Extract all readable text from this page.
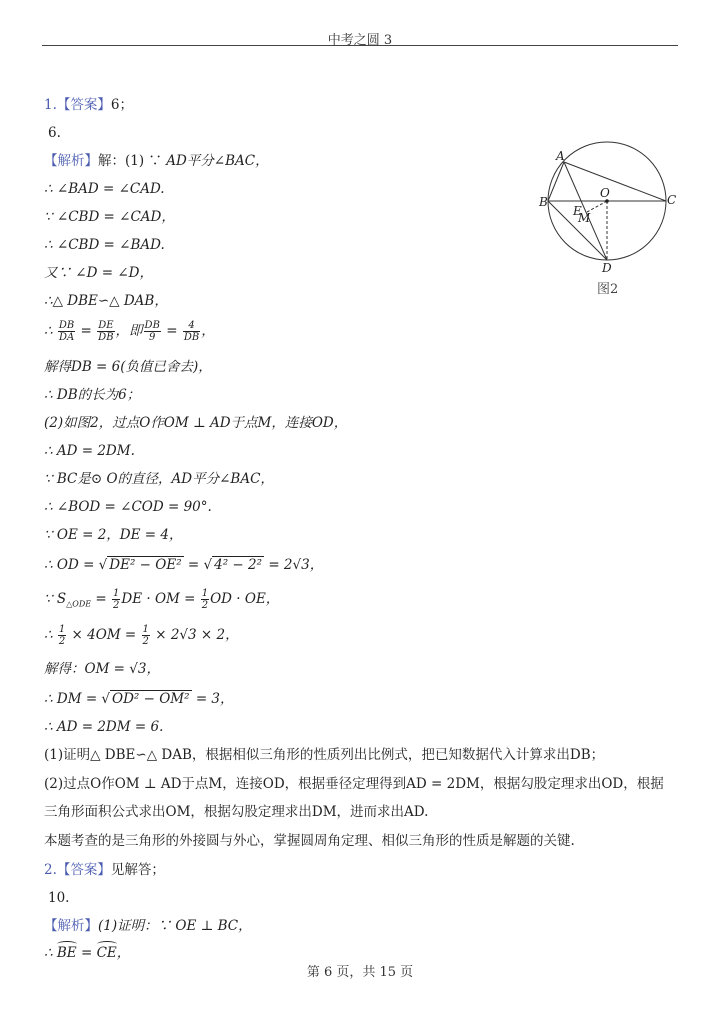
中考之圆 3
1.【答案】6；
6.
【解析】解：(1) ∵ AD平分∠BAC，
∴ ∠BAD = ∠CAD.
∵ ∠CBD = ∠CAD，
∴ ∠CBD = ∠BAD.
又∵ ∠D = ∠D，
∴△ DBE∽△ DAB，
∴ $\frac{DB}{DA} = \frac{DE}{DB}$ ，即 $\frac{DB}{9} = \frac{4}{DB}$ ，
解得DB = 6(负值已舍去)，
∴ DB的长为6；
(2)如图2，过点O作OM ⊥ AD于点M，连接OD，
∴ AD = 2DM.
∵ BC是⊙ O的直径，AD平分∠BAC，
∴ ∠BOD = ∠COD = 90°.
∵ OE = 2，DE = 4，
∴ OD = √ DE² − OE² = √ 4² − 2² = 2√3，
∵ $S_{\triangle ODE} = \frac{1}{2}$ DE · OM = $\frac{1}{2}$ OD · OE，
∴ $\frac{1}{2} \times 4OM = \frac{1}{2} \times 2√3 \times 2$，
解得：OM = √3，
∴ DM = √ OD² − OM² = 3，
∴ AD = 2DM = 6.
(1)证明△ DBE∽△ DAB，根据相似三角形的性质列出比例式，把已知数据代入计算求出DB；
(2)过点O作OM ⊥ AD于点M，连接OD，根据垂径定理得到AD = 2DM，根据勾股定理求出OD，根据三角形面积公式求出OM，根据勾股定理求出DM，进而求出AD.
本题考查的是三角形的外接圆与外心，掌握圆周角定理、相似三角形的性质是解题的关键.
2.【答案】见解答；
10.
【解析】(1)证明：∵ OE ⊥ BC，
∴ BE = CE，
A
B	C
O
E
M
D
图2
第 6 页，共 15 页
